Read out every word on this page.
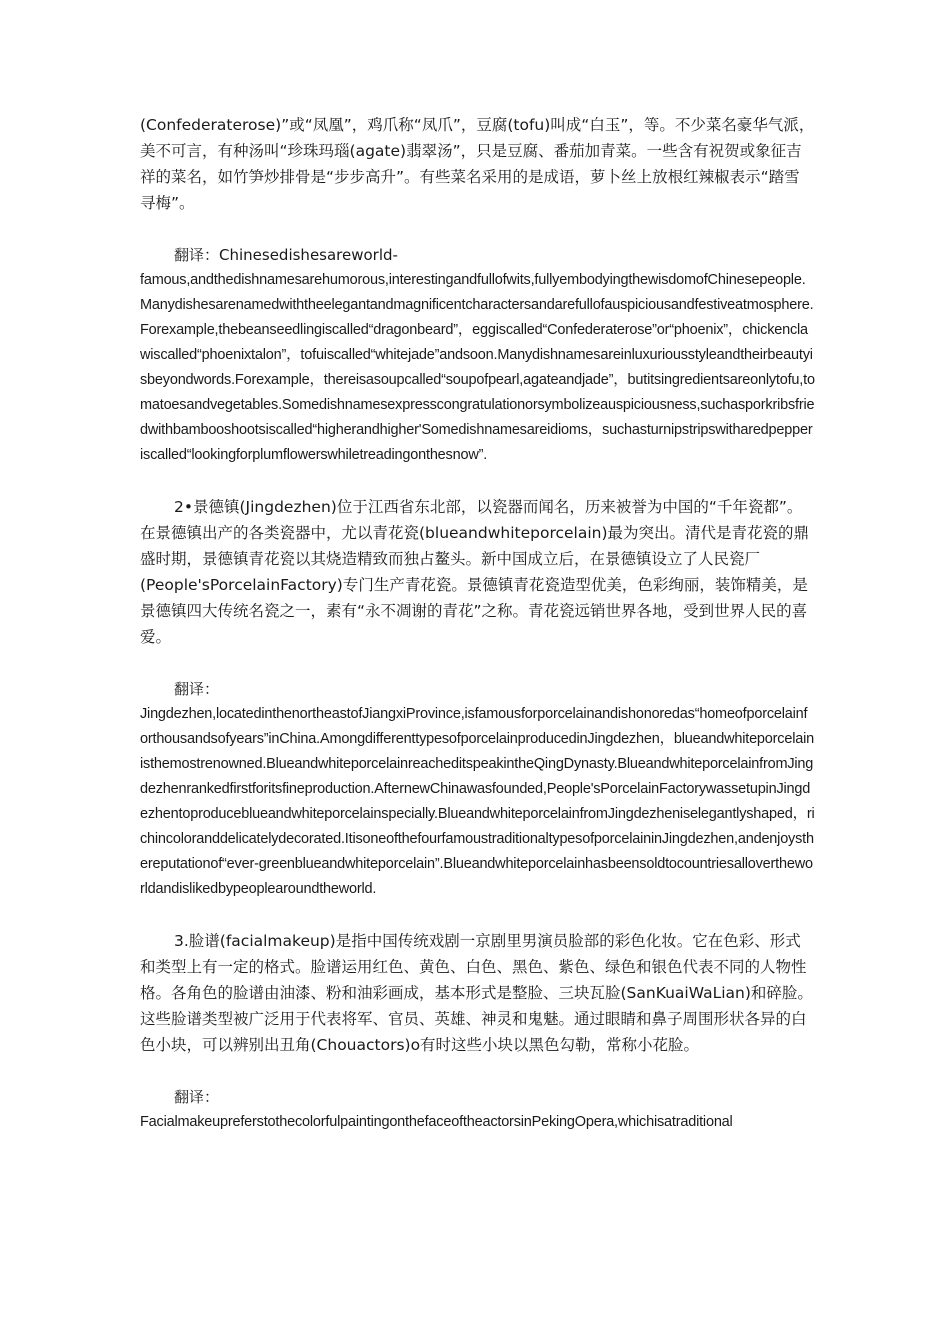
(Confederaterose)”或“凤凰”，鸡爪称“凤爪”，豆腐(tofu)叫成“白玉”，等。不少菜名豪华气派，美不可言，有种汤叫“珍珠玛瑙(agate)翡翠汤”，只是豆腐、番茄加青菜。一些含有祝贺或象征吉祥的菜名，如竹笋炒排骨是“步步高升”。有些菜名采用的是成语，萝卜丝上放根红辣椒表示“踏雪寻梅”。

翻译：Chinesedishesareworld-

famous,andthedishnamesarehumorous,interestingandfullofwits,fullyembodyingthewisdomofChinesepeople.Manydishesarenamedwiththeelegantandmagnificentcharactersandarefullofauspiciousandfestiveatmosphere.Forexample,thebeanseedlingiscalled“dragonbeard”，eggiscalled“Confederaterose”or“phoenix”，chickenclawiscalled“phoenixtalon”，tofuiscalled“whitejade”andsoon.Manydishnamesareinluxuriousstyleandtheirbeautyisbeyondwords.Forexample，thereisasoupcalled“soupofpearl,agateandjade”，butitsingredientsareonlytofu,tomatoesandvegetables.Somedishnamesexpresscongratulationorsymbolizeauspiciousness,suchasporkribsfriedwithbambooshootsiscalled“higherandhigher'Somedishnamesareidioms，suchasturnipstripswitharedpepperiscalled“lookingforplumflowerswhiletreadingonthesnow”.

2•景德镇(Jingdezhen)位于江西省东北部，以瓷器而闻名，历来被誉为中国的“千年瓷都”。在景德镇出产的各类瓷器中，尤以青花瓷(blueandwhiteporcelain)最为突出。清代是青花瓷的鼎盛时期，景德镇青花瓷以其烧造精致而独占鳌头。新中国成立后，在景德镇设立了人民瓷厂(People'sPorcelainFactory)专门生产青花瓷。景德镇青花瓷造型优美，色彩绚丽，装饰精美，是景德镇四大传统名瓷之一，素有“永不凋谢的青花”之称。青花瓷远销世界各地，受到世界人民的喜爱。

翻译：

Jingdezhen,locatedinthenortheastofJiangxiProvince,isfamousforporcelainandishonoredas“homeofporcelainforthousandsofyears”inChina.AmongdifferenttypesofporcelainproducedinJingdezhen，blueandwhiteporcelainisthemostrenowned.BlueandwhiteporcelainreacheditspeakintheQingDynasty.BlueandwhiteporcelainfromJingdezhenrankedfirstforitsfineproduction.AfternewChinawasfounded,People'sPorcelainFactorywassetupinJingdezhentoproduceblueandwhiteporcelainspecially.BlueandwhiteporcelainfromJingdezheniselegantlyshaped，richincoloranddelicatelydecorated.ItisoneofthefourfamoustraditionaltypesofporcelaininJingdezhen,andenjoysthereputationof“ever-greenblueandwhiteporcelain”.Blueandwhiteporcelainhasbeensoldtocountriesallovertheworldandislikedbypeoplearoundtheworld.

3.脸谱(facialmakeup)是指中国传统戏剧一京剧里男演员脸部的彩色化妆。它在色彩、形式和类型上有一定的格式。脸谱运用红色、黄色、白色、黑色、紫色、绿色和银色代表不同的人物性格。各角色的脸谱由油漆、粉和油彩画成，基本形式是整脸、三块瓦脸(SanKuaiWaLian)和碎脸。这些脸谱类型被广泛用于代表将军、官员、英雄、神灵和鬼魅。通过眼睛和鼻子周围形状各异的白色小块，可以辨别出丑角(Chouactors)o有时这些小块以黑色勾勒，常称小花脸。

翻译：

FacialmakeupreferstothecolorfulpaintingonthefaceoftheactorsinPekingOpera,whichisatraditional
